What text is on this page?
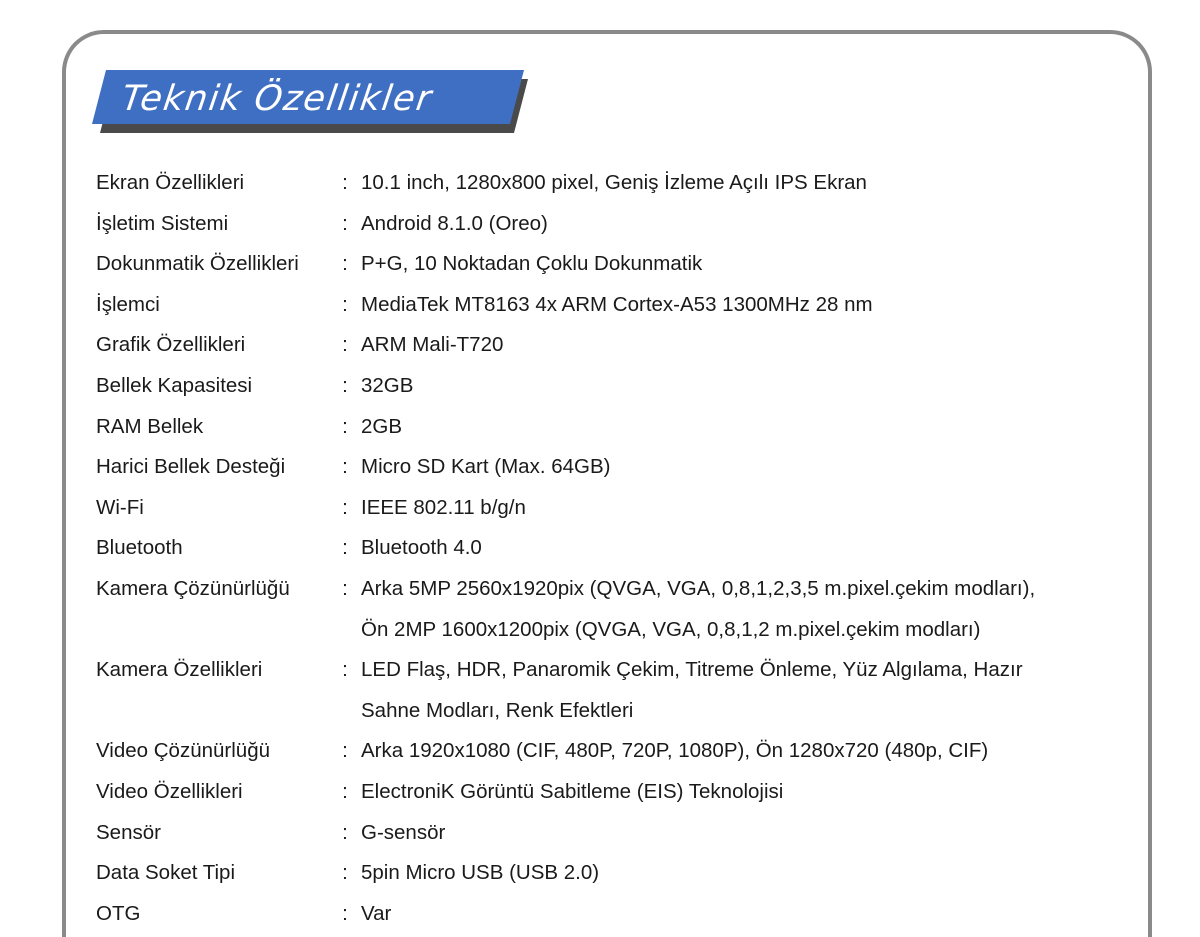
Teknik Özellikler
Ekran Özellikleri	: 10.1 inch, 1280x800 pixel, Geniş İzleme Açılı IPS Ekran
İşletim Sistemi	: Android 8.1.0 (Oreo)
Dokunmatik Özellikleri	: P+G, 10 Noktadan Çoklu Dokunmatik
İşlemci	: MediaTek MT8163 4x ARM Cortex-A53 1300MHz 28 nm
Grafik Özellikleri	: ARM Mali-T720
Bellek Kapasitesi	: 32GB
RAM Bellek	: 2GB
Harici Bellek Desteği	: Micro SD Kart (Max. 64GB)
Wi-Fi	: IEEE 802.11 b/g/n
Bluetooth	: Bluetooth 4.0
Kamera Çözünürlüğü	: Arka 5MP 2560x1920pix (QVGA, VGA, 0,8,1,2,3,5 m.pixel.çekim modları),
Ön 2MP 1600x1200pix (QVGA, VGA, 0,8,1,2 m.pixel.çekim modları)
Kamera Özellikleri	: LED Flaş, HDR, Panaromik Çekim, Titreme Önleme, Yüz Algılama, Hazır
Sahne Modları, Renk Efektleri
Video Çözünürlüğü	: Arka 1920x1080 (CIF, 480P, 720P, 1080P), Ön 1280x720 (480p, CIF)
Video Özellikleri	: ElectroniK Görüntü Sabitleme (EIS) Teknolojisi
Sensör	: G-sensör
Data Soket Tipi	: 5pin Micro USB (USB 2.0)
OTG	: Var
